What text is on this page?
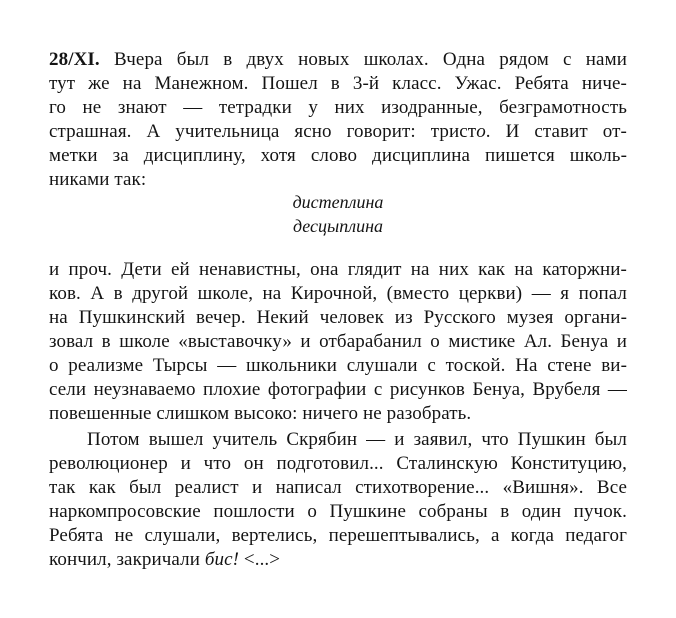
28/XI. Вчера был в двух новых школах. Одна рядом с нами
тут же на Манежном. Пошел в 3-й класс. Ужас. Ребята ниче-
го не знают — тетрадки у них изодранные, безграмотность
страшная. А учительница ясно говорит: тристо. И ставит от-
метки за дисциплину, хотя слово дисциплина пишется школь-
никами так:
дистеплина
десцыплина
и проч. Дети ей ненавистны, она глядит на них как на каторжни-
ков. А в другой школе, на Кирочной, (вместо церкви) — я попал
на Пушкинский вечер. Некий человек из Русского музея органи-
зовал в школе «выставочку» и отбарабанил о мистике Ал. Бенуа и
о реализме Тырсы — школьники слушали с тоской. На стене ви-
сели неузнаваемо плохие фотографии с рисунков Бенуа, Врубеля —
повешенные слишком высоко: ничего не разобрать.
Потом вышел учитель Скрябин — и заявил, что Пушкин был
революционер и что он подготовил... Сталинскую Конституцию,
так как был реалист и написал стихотворение... «Вишня». Все
наркомпросовские пошлости о Пушкине собраны в один пучок.
Ребята не слушали, вертелись, перешептывались, а когда педагог
кончил, закричали бис! <...>
